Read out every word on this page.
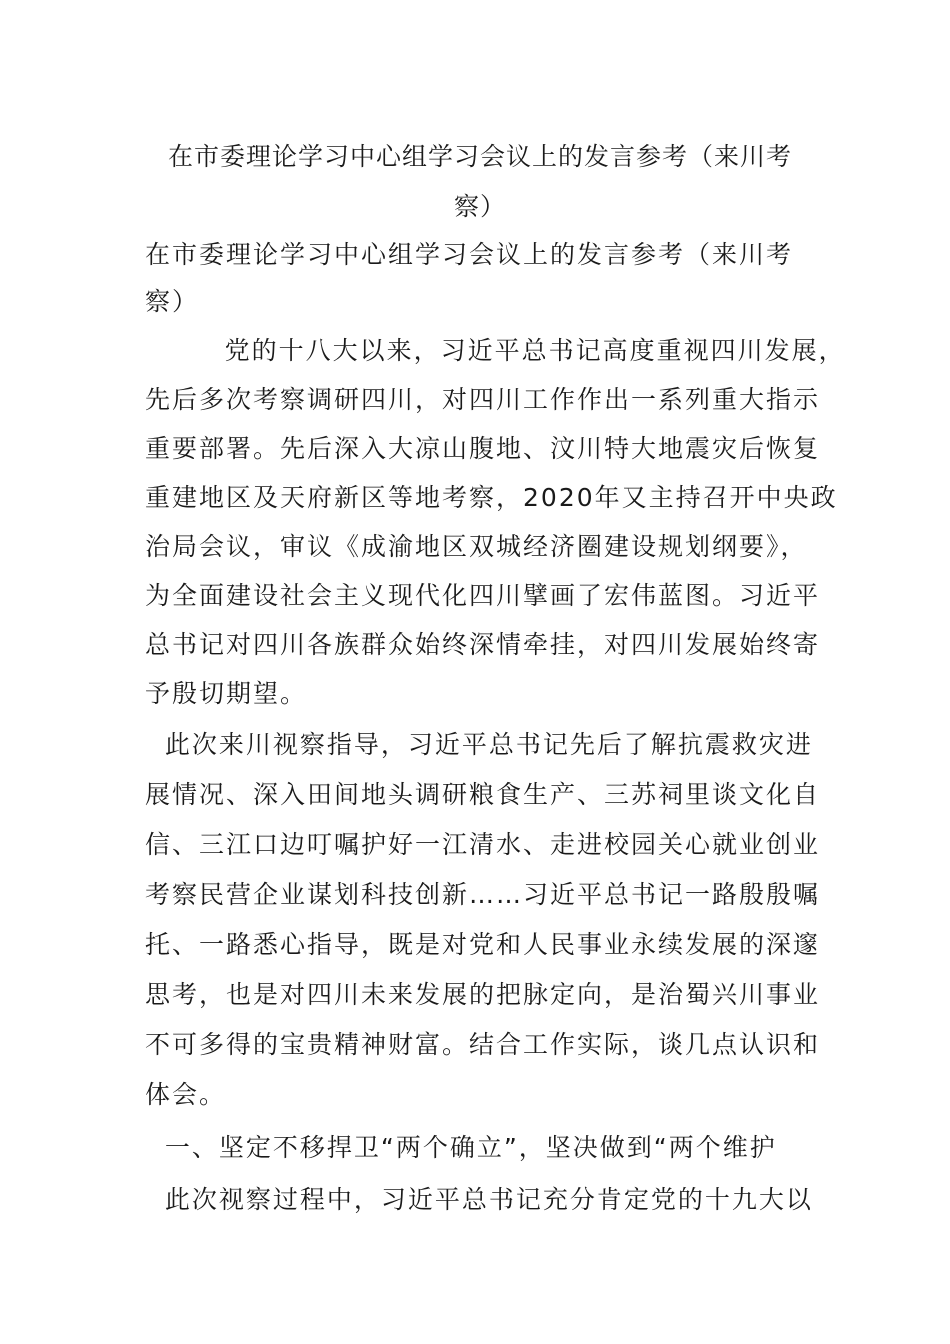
在市委理论学习中心组学习会议上的发言参考（来川考
察）
在市委理论学习中心组学习会议上的发言参考（来川考
察）
党的十八大以来，习近平总书记高度重视四川发展，
先后多次考察调研四川，对四川工作作出一系列重大指示
重要部署。先后深入大凉山腹地、汶川特大地震灾后恢复
重建地区及天府新区等地考察，2020年又主持召开中央政
治局会议，审议《成渝地区双城经济圈建设规划纲要》，
为全面建设社会主义现代化四川擘画了宏伟蓝图。习近平
总书记对四川各族群众始终深情牵挂，对四川发展始终寄
予殷切期望。
此次来川视察指导，习近平总书记先后了解抗震救灾进
展情况、深入田间地头调研粮食生产、三苏祠里谈文化自
信、三江口边叮嘱护好一江清水、走进校园关心就业创业
考察民营企业谋划科技创新……习近平总书记一路殷殷嘱
托、一路悉心指导，既是对党和人民事业永续发展的深邃
思考，也是对四川未来发展的把脉定向，是治蜀兴川事业
不可多得的宝贵精神财富。结合工作实际，谈几点认识和
体会。
一、坚定不移捍卫“两个确立”，坚决做到“两个维护
此次视察过程中，习近平总书记充分肯定党的十九大以
